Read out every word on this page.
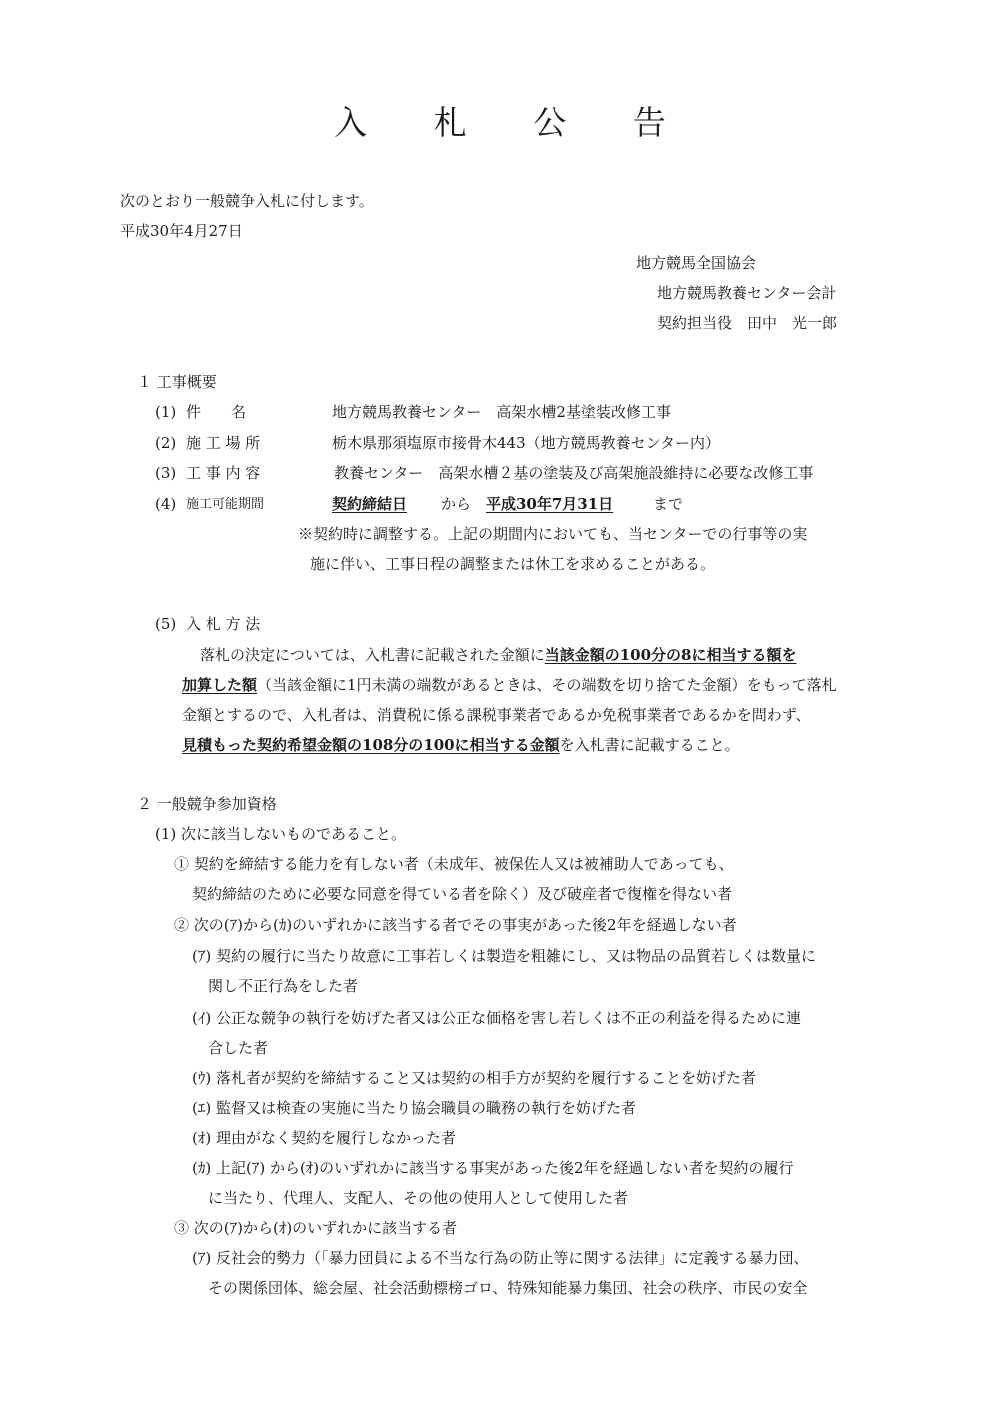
入 札 公 告
次のとおり一般競争入札に付します。
平成30年4月27日
地方競馬全国協会
地方競馬教養センター会計
契約担当役　田中　光一郎
１ 工事概要
(1) 件　　名	地方競馬教養センター　高架水槽2基塗装改修工事
(2) 施 工 場 所	栃木県那須塩原市接骨木443（地方競馬教養センター内）
(3) 工 事 内 容	教養センター　高架水槽２基の塗装及び高架施設維持に必要な改修工事
(4) 施工可能期間	契約締結日 から 平成30年7月31日	まで
※契約時に調整する。上記の期間内においても、当センターでの行事等の実
施に伴い、工事日程の調整または休工を求めることがある。
(5) 入 札 方 法
落札の決定については、入札書に記載された金額に当該金額の100分の8に相当する額を
加算した額（当該金額に1円未満の端数があるときは、その端数を切り捨てた金額）をもって落札
金額とするので、入札者は、消費税に係る課税事業者であるか免税事業者であるかを問わず、
見積もった契約希望金額の108分の100に相当する金額を入札書に記載すること。
２ 一般競争参加資格
(1) 次に該当しないものであること。
① 契約を締結する能力を有しない者（未成年、被保佐人又は被補助人であっても、
契約締結のために必要な同意を得ている者を除く）及び破産者で復権を得ない者
② 次の(ｱ)から(ｶ)のいずれかに該当する者でその事実があった後2年を経過しない者
(ｱ) 契約の履行に当たり故意に工事若しくは製造を粗雑にし、又は物品の品質若しくは数量に
関し不正行為をした者
(ｲ) 公正な競争の執行を妨げた者又は公正な価格を害し若しくは不正の利益を得るために連
合した者
(ｳ) 落札者が契約を締結すること又は契約の相手方が契約を履行することを妨げた者
(ｴ) 監督又は検査の実施に当たり協会職員の職務の執行を妨げた者
(ｵ) 理由がなく契約を履行しなかった者
(ｶ) 上記(ｱ) から(ｵ)のいずれかに該当する事実があった後2年を経過しない者を契約の履行
に当たり、代理人、支配人、その他の使用人として使用した者
③ 次の(ｱ)から(ｵ)のいずれかに該当する者
(ｱ) 反社会的勢力（「暴力団員による不当な行為の防止等に関する法律」に定義する暴力団、
その関係団体、総会屋、社会活動標榜ゴロ、特殊知能暴力集団、社会の秩序、市民の安全
